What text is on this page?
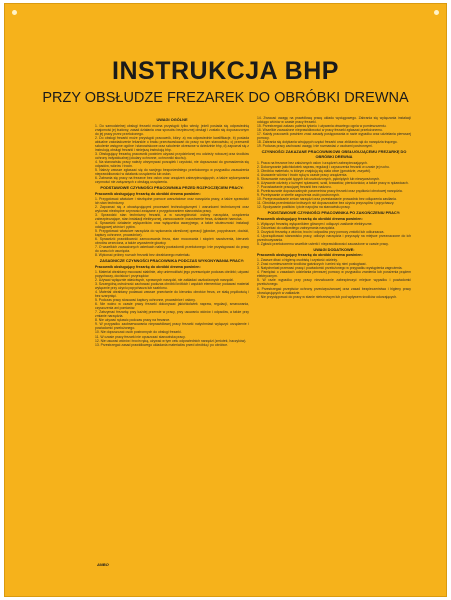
INSTRUKCJA BHP
PRZY OBSŁUDZE FREZAREK DO OBRÓBKI DREWNA
UWAGI OGÓLNE
1. Do samodzielnej obsługi frezarki można przystąpić tylko wtedy, jeżeli posiada się odpowiednią znajomość jej budowy, zasad działania oraz sposobu bezpiecznej obsługi i zostało się dopuszczonym do jej pracy przez przełożonego.
2. Do obsługi frezarki może przystąpić pracownik, który: a) ma odpowiednie kwalifikacje, b) posiada aktualne zaświadczenie lekarskie o braku przeciwwskazań do pracy na tym stanowisku, c) przeszedł szkolenie wstępne ogólne i stanowiskowe oraz szkolenie okresowe w dziedzinie bhp, d) zapoznał się z instrukcją obsługi frezarki i niniejszą instrukcją bhp.
3. Obsługujący frezarkę pracownik powinien używać przydzielonej mu odzieży roboczej oraz środków ochrony indywidualnej (okulary ochronne, ochronniki słuchu).
4. Na stanowisku pracy należy utrzymywać porządek i czystość, nie dopuszczać do gromadzenia się odpadów, wiórów i trocin.
5. Należy zawsze zgłaszać się do swojego bezpośredniego przełożonego w przypadku zauważenia nieprawidłowości w działaniu urządzenia lub osłon.
6. Zabrania się pracy na frezarce bez osłon oraz urządzeń zabezpieczających, a także wykonywania czynności nie związanych z obsługą urządzenia.
PODSTAWOWE CZYNNOŚCI PRACOWNIKA PRZED ROZPOCZĘCIEM PRACY:
Pracownik obsługujący frezarkę do obróbki drewna powinien:
1. Przygotować właściwe i niezbędne pomoce warsztatowe oraz narzędzia pracy, a także sprawdzić ich stan techniczny.
2. Zapoznać się z obowiązującymi procesami technologicznymi i warunkami technicznymi oraz wykonać niezbędne czynności związane z przygotowaniem stanowiska pracy.
3. Sprawdzić stan techniczny frezarki, a w szczególności: osłony narzędzia, urządzenia zabezpieczające, stan instalacji elektrycznej, zamocowanie i naostrzenie freza, działanie hamulca.
4. Sprawdzić działanie wyłączników oraz wyłącznika awaryjnego, a także skuteczność instalacji odciągowej wiórów i pyłów.
5. Przygotować właściwe narzędzia do wykonania określonej operacji (głowice, popychacze, dociski, kaptury ochronne, prowadnice).
6. Sprawdzić prawidłowość zamocowania freza, stan mocowania i stopień naostrzenia, kierunek obrotów wrzeciona, a także wyważenie głowicy.
7. O wszelkich zauważonych usterkach należy powiadomić przełożonego i nie przystępować do pracy do czasu ich usunięcia.
8. Wykonać próbny rozruch frezarki bez obrabianego materiału.
ZASADNICZE CZYNNOŚCI PRACOWNIKA PODCZAS WYKONYWANIA PRACY:
Pracownik obsługujący frezarkę do obróbki drewna powinien:
1. Materiał obrabiany mocować stabilnie, aby uniemożliwić jego przesunięcie podczas obróbki; używać popychaczy, docisków i przyrządów.
2. Używać wyłącznie właściwych, sprawnych narzędzi, nie zakładać uszkodzonych narzędzi.
3. Szczególną ostrożność zachować podczas obróbki krótkich i wąskich elementów; podawać materiał wyłącznie przy użyciu popychacza lub szablonu.
4. Materiał obrabiany podawać zawsze przeciwnie do kierunku obrotów freza, ze stałą prędkością i bez szarpnięć.
5. Podczas pracy stosować kaptury ochronne, prowadnice i osłony.
6. Nie wolno w czasie pracy frezarki dokonywać jakichkolwiek napraw, regulacji, smarowania, czyszczenia ani pomiarów.
7. Zatrzymać frezarkę przy każdej przerwie w pracy, przy usuwaniu wiórów i odpadów, a także przy zmianie narzędzia.
8. Nie używać rękawic podczas pracy na frezarce.
9. W przypadku zaobserwowania nieprawidłowej pracy frezarki natychmiast wyłączyć urządzenie i powiadomić przełożonego.
10. Nie dopuszczać osób postronnych do obsługi frezarki.
11. W czasie pracy frezarki nie opuszczać stanowiska pracy.
12. Nie usuwać wiórów i trocin ręką, używać w tym celu odpowiednich narzędzi (zmiotek, haczyków).
13. Przestrzegać zasad prawidłowego układania materiałów przed obróbką i po obróbce.
14. Zwracać uwagę na prawidłową pracę układu wyciągowego. Zabrania się wyłączania instalacji odciągu wiórów w czasie pracy frezarki.
15. Przestrzegać zakazu palenia tytoniu i używania otwartego ognia w pomieszczeniu.
16. Wszelkie zauważone nieprawidłowości w pracy frezarki zgłaszać przełożonemu.
17. Każdy pracownik powinien znać zasady postępowania w razie wypadku oraz udzielania pierwszej pomocy.
18. Zabrania się dotykania wirujących części frezarki oraz zbliżania rąk do narzędzia tnącego.
19. Podczas pracy zachować uwagę i nie rozmawiać z osobami postronnymi.
CZYNNOŚCI ZAKAZANE PRACOWNIKOWI OBSŁUGUJĄCEMU FREZARKĘ DO OBRÓBKI DREWNA
1. Praca na frezarce bez założonych osłon i urządzeń zabezpieczających.
2. Dokonywanie jakichkolwiek napraw, regulacji i czyszczenia frezarki w czasie jej ruchu.
3. Obróbka materiału, w którym znajdują się ciała obce (gwoździe, zszywki).
4. Usuwanie wiórów i trocin ręką w czasie pracy urządzenia.
5. Stosowanie narzędzi tępych lub uszkodzonych, pękniętych lub niewyważonych.
6. Używanie odzieży z luźnymi rękawami, szali, krawatów, pierścionków, a także pracy w rękawicach.
7. Pozostawianie pracującej frezarki bez nadzoru.
8. Przekraczanie dopuszczalnych parametrów pracy frezarki oraz prędkości obrotowej narzędzia.
9. Przebywanie w strefie zagrożenia osób postronnych.
10. Przeprowadzanie zmian narzędzi oraz przestawianie prowadnic bez odłączenia zasilania.
11. Obróbka przedmiotów krótszych niż dopuszczalne bez użycia przyrządów i popychaczy.
12. Spożywanie posiłków i picie napojów na stanowisku pracy.
PODSTAWOWE CZYNNOŚCI PRACOWNIKA PO ZAKOŃCZENIU PRACY:
Pracownik obsługujący frezarkę do obróbki drewna powinien:
1. Wyłączyć frezarkę wyłącznikiem głównym i odłączyć zasilanie elektryczne.
2. Odczekać do całkowitego zatrzymania narzędzia.
3. Oczyścić frezarkę z wiórów, trocin i odpadów przy pomocy zmiotki lub odkurzacza.
4. Uporządkować stanowisko pracy, odłożyć narzędzia i przyrządy na miejsce przeznaczone do ich przechowywania.
5. Zgłosić przełożonemu wszelkie usterki i nieprawidłowości zauważone w czasie pracy.
UWAGI DODATKOWE:
Pracownik obsługujący frezarkę do obróbki drewna powinien:
1. Zawsze dbać o higienę osobistą i czystość odzieży.
2. Znać rozmieszczenie środków gaśniczych i umieć się nimi posługiwać.
3. Natychmiast przerwać pracę i powiadomić przełożonego w przypadku wystąpienia zagrożenia.
4. Pamiętać o zasadach udzielania pierwszej pomocy w przypadku zranienia lub porażenia prądem elektrycznym.
5. W razie wypadku przy pracy niezwłocznie zabezpieczyć miejsce wypadku i powiadomić przełożonego.
6. Przestrzegać przepisów ochrony przeciwpożarowej oraz zasad bezpieczeństwa i higieny pracy obowiązujących w zakładzie.
7. Nie przystępować do pracy w stanie nietrzeźwym lub pod wpływem środków odurzających.
ANBO
